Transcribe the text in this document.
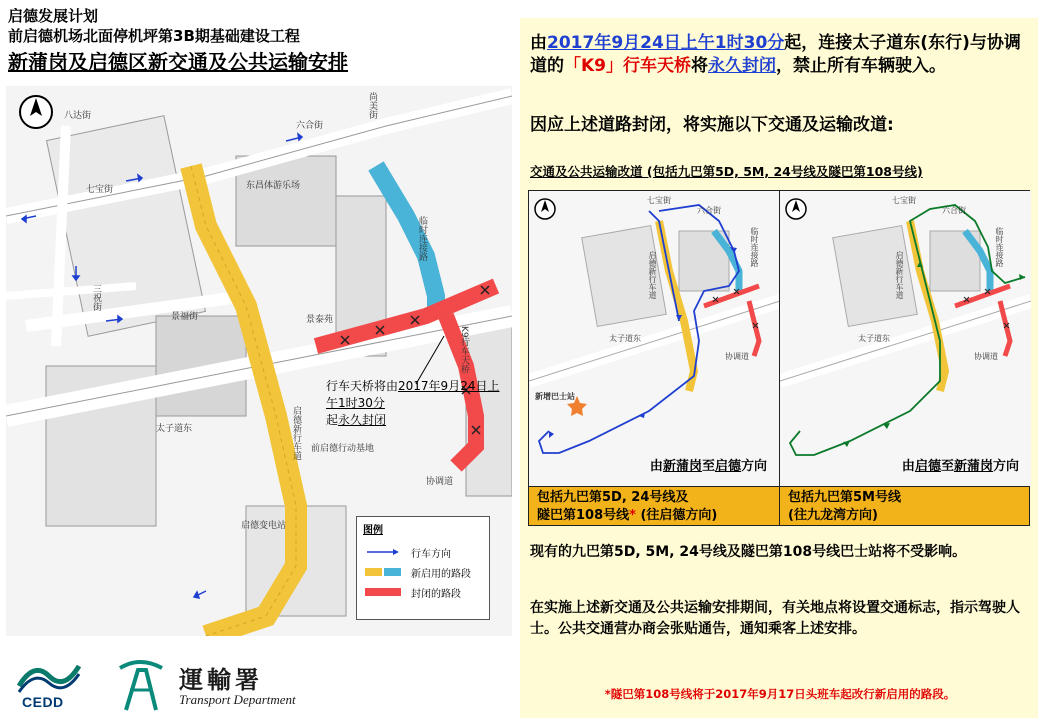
启德发展计划
前启德机场北面停机坪第3B期基础建设工程
新蒲岗及启德区新交通及公共运输安排
八达街
六合街
七宝街
三祝街
景福街
太子道东
协调道
尚美街
临时连接路
K9行车天桥
启德新行车道
东昌体游乐场
景泰苑
前启德行动基地
启德变电站
行车天桥将由2017年9月24日上午1时30分
起永久封闭
图例
行车方向
新启用的路段
封闭的路段
CEDD
運輸署
Transport Department
由2017年9月24日上午1时30分起，连接太子道东(东行)与协调道的「K9」行车天桥将永久封闭，禁止所有车辆驶入。
因应上述道路封闭，将实施以下交通及运输改道:
交通及公共运输改道 (包括九巴第5D, 5M, 24号线及隧巴第108号线)
七宝街
六合街
临时连接路
启德新行车道
太子道东
协调道
新增巴士站
由新蒲岗至启德方向
七宝街
六合街
临时连接路
启德新行车道
太子道东
协调道
由启德至新蒲岗方向
包括九巴第5D, 24号线及
隧巴第108号线* (往启德方向)
包括九巴第5M号线
(往九龙湾方向)
现有的九巴第5D, 5M, 24号线及隧巴第108号线巴士站将不受影响。
在实施上述新交通及公共运输安排期间，有关地点将设置交通标志，指示驾驶人士。公共交通营办商会张贴通告，通知乘客上述安排。
*隧巴第108号线将于2017年9月17日头班车起改行新启用的路段。
